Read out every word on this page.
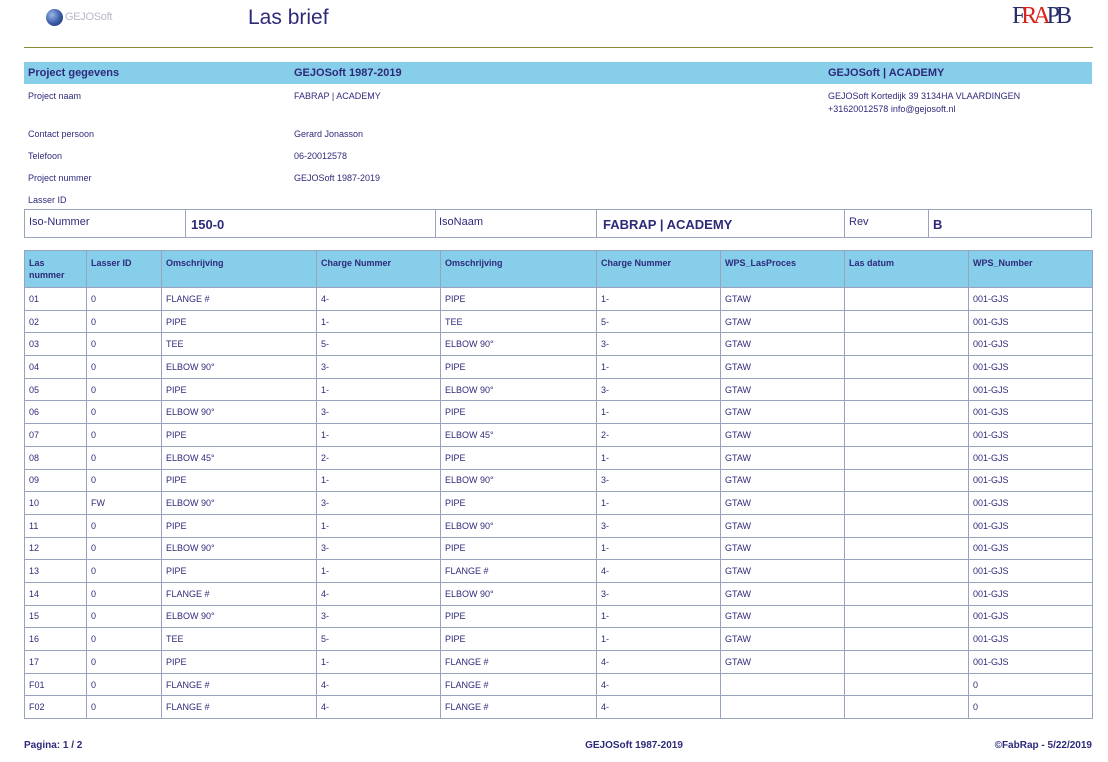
GEJOSoft	Las brief	FRAPB
Project gegevens	GEJOSoft 1987-2019	GEJOSoft | ACADEMY
Project naam	FABRAP | ACADEMY	GEJOSoft Kortedijk 39 3134HA VLAARDINGEN
+31620012578 info@gejosoft.nl
Contact persoon	Gerard Jonasson
Telefoon	06-20012578
Project nummer	GEJOSoft 1987-2019
Lasser ID
Iso-Nummer	150-0	IsoNaam	FABRAP | ACADEMY	Rev	B
Las nummer	Lasser ID	Omschrijving	Charge Nummer	Omschrijving	Charge Nummer	WPS_LasProces	Las datum	WPS_Number
01	0	FLANGE #	4-	PIPE	1-	GTAW		001-GJS
02	0	PIPE	1-	TEE	5-	GTAW		001-GJS
03	0	TEE	5-	ELBOW 90°	3-	GTAW		001-GJS
04	0	ELBOW 90°	3-	PIPE	1-	GTAW		001-GJS
05	0	PIPE	1-	ELBOW 90°	3-	GTAW		001-GJS
06	0	ELBOW 90°	3-	PIPE	1-	GTAW		001-GJS
07	0	PIPE	1-	ELBOW 45°	2-	GTAW		001-GJS
08	0	ELBOW 45°	2-	PIPE	1-	GTAW		001-GJS
09	0	PIPE	1-	ELBOW 90°	3-	GTAW		001-GJS
10	FW	ELBOW 90°	3-	PIPE	1-	GTAW		001-GJS
11	0	PIPE	1-	ELBOW 90°	3-	GTAW		001-GJS
12	0	ELBOW 90°	3-	PIPE	1-	GTAW		001-GJS
13	0	PIPE	1-	FLANGE #	4-	GTAW		001-GJS
14	0	FLANGE #	4-	ELBOW 90°	3-	GTAW		001-GJS
15	0	ELBOW 90°	3-	PIPE	1-	GTAW		001-GJS
16	0	TEE	5-	PIPE	1-	GTAW		001-GJS
17	0	PIPE	1-	FLANGE #	4-	GTAW		001-GJS
F01	0	FLANGE #	4-	FLANGE #	4-			0
F02	0	FLANGE #	4-	FLANGE #	4-			0
Pagina: 1 / 2	GEJOSoft 1987-2019	©FabRap - 5/22/2019
